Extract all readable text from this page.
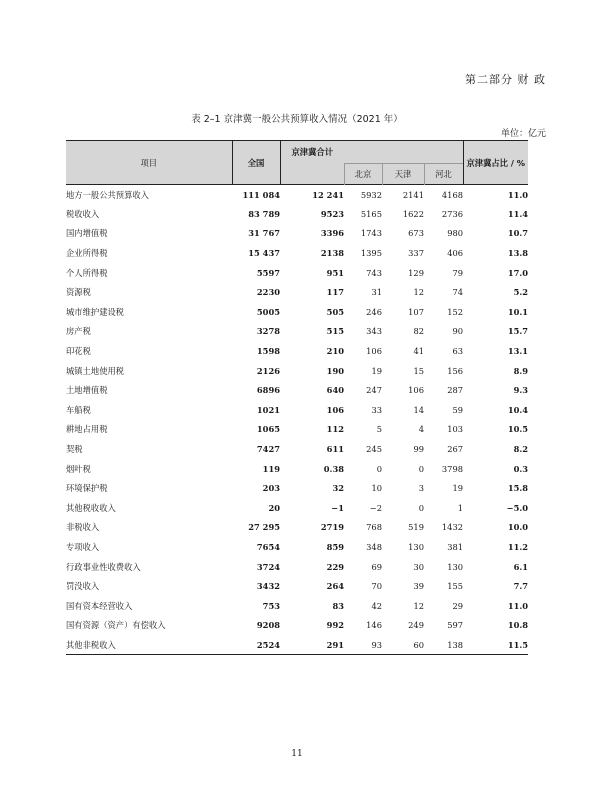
第二部分 财 政
表 2–1 京津冀一般公共预算收入情况（2021 年）
单位：亿元
项目	全国	京津冀合计				京津冀占比 / %
			北京	天津	河北	
地方一般公共预算收入	111 084	12 241	5932	2141	4168	11.0
税收收入	83 789	9523	5165	1622	2736	11.4
国内增值税	31 767	3396	1743	673	980	10.7
企业所得税	15 437	2138	1395	337	406	13.8
个人所得税	5597	951	743	129	79	17.0
资源税	2230	117	31	12	74	5.2
城市维护建设税	5005	505	246	107	152	10.1
房产税	3278	515	343	82	90	15.7
印花税	1598	210	106	41	63	13.1
城镇土地使用税	2126	190	19	15	156	8.9
土地增值税	6896	640	247	106	287	9.3
车船税	1021	106	33	14	59	10.4
耕地占用税	1065	112	5	4	103	10.5
契税	7427	611	245	99	267	8.2
烟叶税	119	0.38	0	0	3798	0.3
环境保护税	203	32	10	3	19	15.8
其他税收收入	20	−1	−2	0	1	−5.0
非税收入	27 295	2719	768	519	1432	10.0
专项收入	7654	859	348	130	381	11.2
行政事业性收费收入	3724	229	69	30	130	6.1
罚没收入	3432	264	70	39	155	7.7
国有资本经营收入	753	83	42	12	29	11.0
国有资源（资产）有偿收入	9208	992	146	249	597	10.8
其他非税收入	2524	291	93	60	138	11.5
11
